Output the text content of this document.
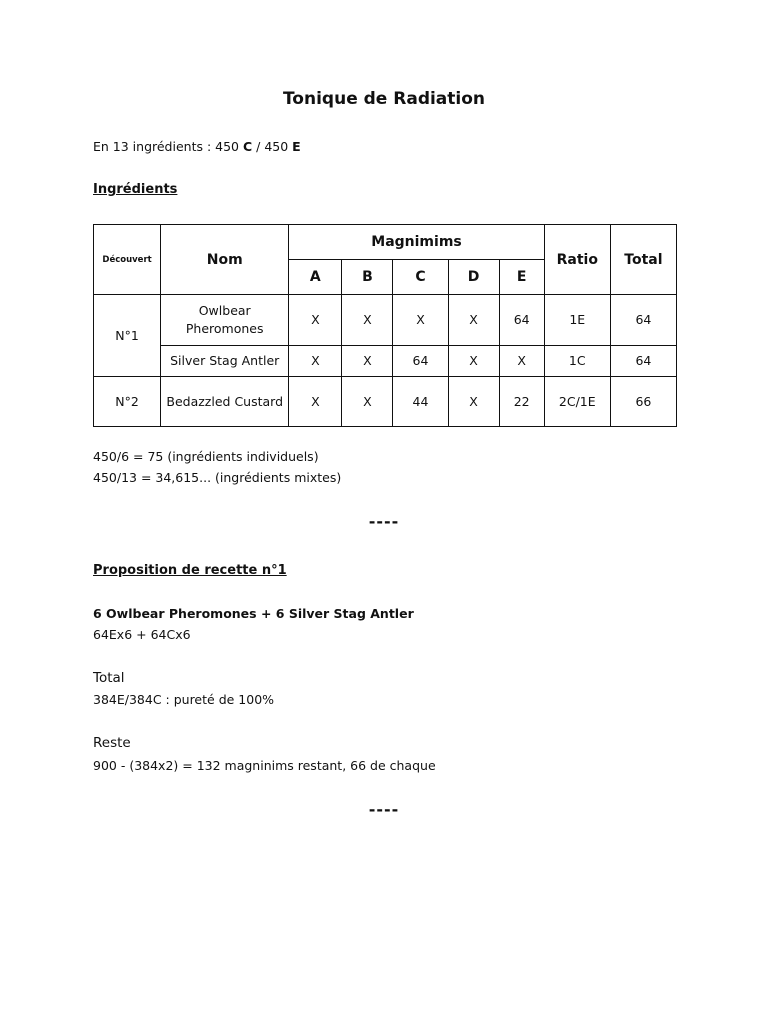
Tonique de Radiation
En 13 ingrédients : 450 C / 450 E
Ingrédients
Découvert	Nom	Magnimims					Ratio	Total
		A	B	C	D	E		
N°1	Owlbear Pheromones	X	X	X	X	64	1E	64
	Silver Stag Antler	X	X	64	X	X	1C	64
N°2	Bedazzled Custard	X	X	44	X	22	2C/1E	66
450/6 = 75 (ingrédients individuels)
450/13 = 34,615... (ingrédients mixtes)
----
Proposition de recette n°1
6 Owlbear Pheromones + 6 Silver Stag Antler
64Ex6 + 64Cx6
Total
384E/384C : pureté de 100%
Reste
900 - (384x2) = 132 magninims restant, 66 de chaque
----
